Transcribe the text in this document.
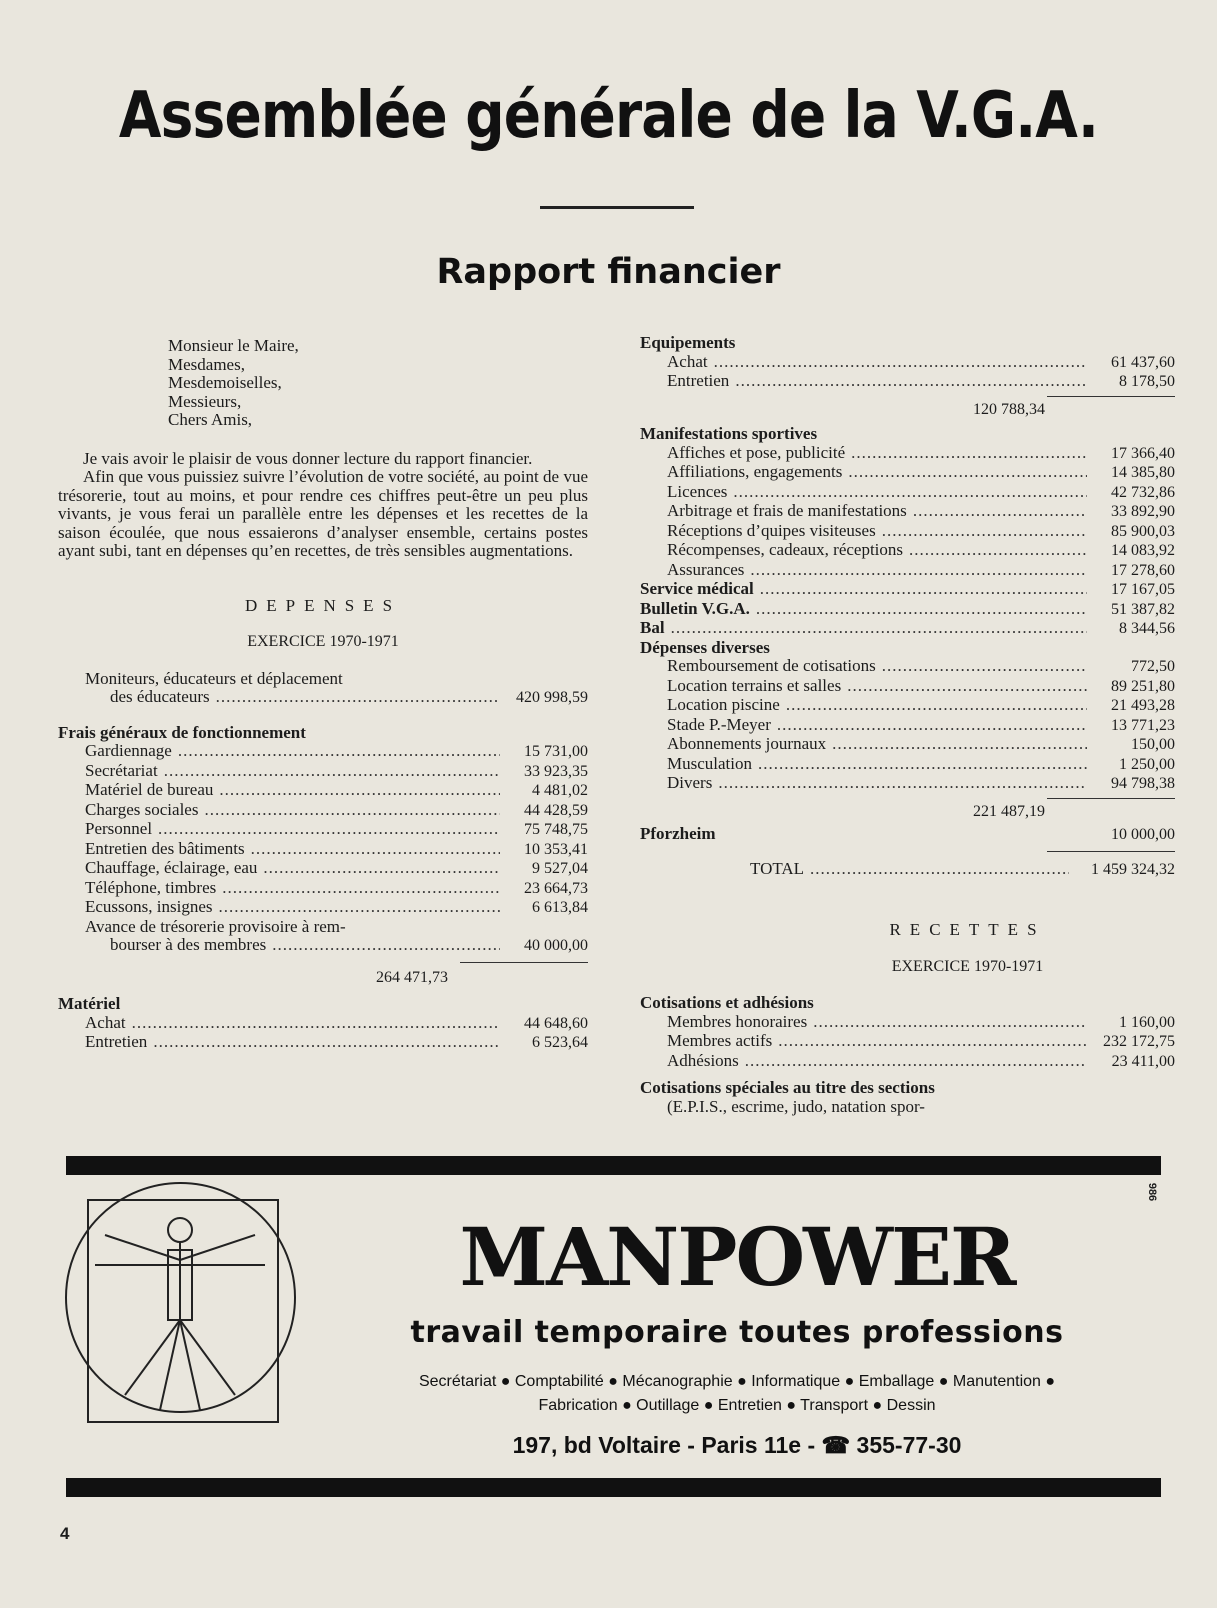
Assemblée générale de la V.G.A.
Rapport financier
Monsieur le Maire,
Mesdames,
Mesdemoiselles,
Messieurs,
Chers Amis,

Je vais avoir le plaisir de vous donner lecture du rapport financier.

Afin que vous puissiez suivre l’évolution de votre société, au point de vue trésorerie, tout au moins, et pour rendre ces chiffres peut-être un peu plus vivants, je vous ferai un parallèle entre les dépenses et les recettes de la saison écoulée, que nous essaierons d’analyser ensemble, certains postes ayant subi, tant en dépenses qu’en recettes, de très sensibles augmentations.

DEPENSES
EXERCICE 1970-1971
Moniteurs, éducateurs et déplacement
des éducateurs .....	420 998,59
Frais généraux de fonctionnement
Gardiennage .....	15 731,00
Secrétariat .....	33 923,35
Matériel de bureau .....	4 481,02
Charges sociales .....	44 428,59
Personnel .....	75 748,75
Entretien des bâtiments .....	10 353,41
Chauffage, éclairage, eau .....	9 527,04
Téléphone, timbres .....	23 664,73
Ecussons, insignes .....	6 613,84
Avance de trésorerie provisoire à rem-
bourser à des membres .....	40 000,00
264 471,73
Matériel
Achat .....	44 648,60
Entretien .....	6 523,64
Equipements
Achat .....	61 437,60
Entretien .....	8 178,50
120 788,34
Manifestations sportives
Affiches et pose, publicité .....	17 366,40
Affiliations, engagements .....	14 385,80
Licences .....	42 732,86
Arbitrage et frais de manifestations .....	33 892,90
Réceptions d’quipes visiteuses .....	85 900,03
Récompenses, cadeaux, réceptions .....	14 083,92
Assurances .....	17 278,60
Service médical .....	17 167,05
Bulletin V.G.A. .....	51 387,82
Bal .....	8 344,56
Dépenses diverses
Remboursement de cotisations .....	772,50
Location terrains et salles .....	89 251,80
Location piscine .....	21 493,28
Stade P.-Meyer .....	13 771,23
Abonnements journaux .....	150,00
Musculation .....	1 250,00
Divers .....	94 798,38
221 487,19
Pforzheim	10 000,00
TOTAL .....	1 459 324,32
RECETTES
EXERCICE 1970-1971
Cotisations et adhésions
Membres honoraires .....	1 160,00
Membres actifs .....	232 172,75
Adhésions .....	23 411,00
Cotisations spéciales au titre des sections
(E.P.I.S., escrime, judo, natation spor-
986
MANPOWER
travail temporaire toutes professions
Secrétariat ● Comptabilité ● Mécanographie ● Informatique ● Emballage ● Manutention ●
Fabrication ● Outillage ● Entretien ● Transport ● Dessin
197, bd Voltaire - Paris 11e - ☎ 355-77-30
4
